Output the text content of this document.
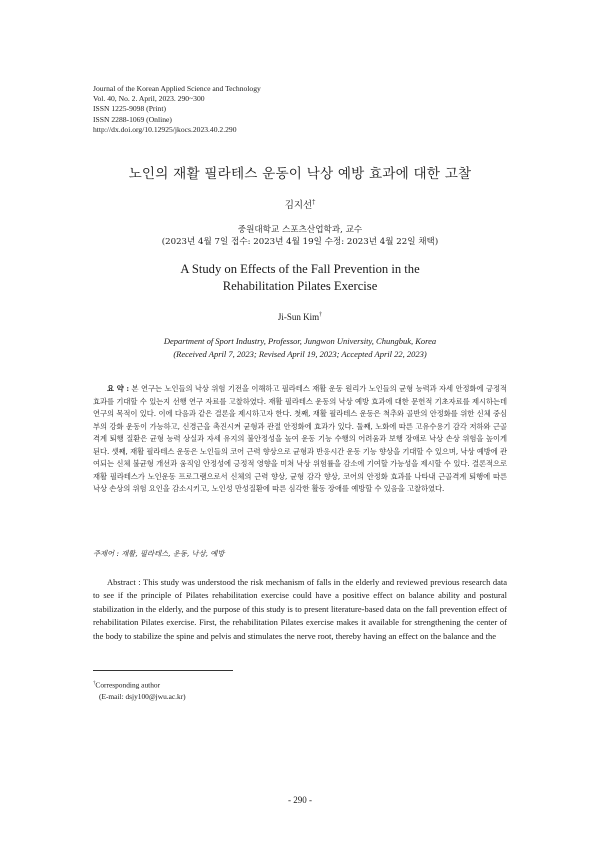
Journal of the Korean Applied Science and Technology
Vol. 40, No. 2. April, 2023. 290~300
ISSN 1225-9098 (Print)
ISSN 2288-1069 (Online)
http://dx.doi.org/10.12925/jkocs.2023.40.2.290
노인의 재활 필라테스 운동이 낙상 예방 효과에 대한 고찰
김지선†
중원대학교 스포츠산업학과, 교수
(2023년 4월 7일 접수: 2023년 4월 19일 수정: 2023년 4월 22일 채택)
A Study on Effects of the Fall Prevention in the
Rehabilitation Pilates Exercise
Ji-Sun Kim†
Department of Sport Industry, Professor, Jungwon University, Chungbuk, Korea
(Received April 7, 2023; Revised April 19, 2023; Accepted April 22, 2023)
요 약 : 본 연구는 노인들의 낙상 위험 기전을 이해하고 필라테스 재활 운동 원리가 노인들의 균형 능력과 자세 안정화에 긍정적 효과를 기대할 수 있는지 선행 연구 자료를 고찰하였다. 재활 필라테스 운동의 낙상 예방 효과에 대한 문헌적 기초자료를 제시하는데 연구의 목적이 있다. 이에 다음과 같은 결론을 제시하고자 한다. 첫째, 재활 필라테스 운동은 척추와 골반의 안정화를 위한 신체 중심부의 강화 운동이 가능하고, 신경근을 촉진시켜 균형과 관절 안정화에 효과가 있다. 둘째, 노화에 따른 고유수용기 감각 저하와 근골격계 퇴행 질환은 균형 능력 상실과 자세 유지의 불안정성을 높여 운동 기능 수행의 어려움과 보행 장애로 낙상 손상 위험을 높이게 된다. 셋째, 재활 필라테스 운동은 노인들의 코어 근력 향상으로 균형과 반응시간 운동 기능 향상을 기대할 수 있으며, 낙상 예방에 관여되는 신체 불균형 개선과 움직임 안정성에 긍정적 영향을 미쳐 낙상 위험률을 감소에 기여할 가능성을 제시할 수 있다. 결론적으로 재활 필라테스가 노인운동 프로그램으로서 신체의 근력 향상, 균형 감각 향상, 코어의 안정화 효과를 나타내 근골격계 퇴행에 따른 낙상 손상의 위험 요인을 감소시키고, 노인성 만성질환에 따른 심각한 활동 장애를 예방할 수 있음을 고찰하였다.
주제어 : 재활, 필라테스, 운동, 낙상, 예방
Abstract : This study was understood the risk mechanism of falls in the elderly and reviewed previous research data to see if the principle of Pilates rehabilitation exercise could have a positive effect on balance ability and postural stabilization in the elderly, and the purpose of this study is to present literature-based data on the fall prevention effect of rehabilitation Pilates exercise. First, the rehabilitation Pilates exercise makes it available for strengthening the center of the body to stabilize the spine and pelvis and stimulates the nerve root, thereby having an effect on the balance and the
†Corresponding author
(E-mail: dsjy100@jwu.ac.kr)
- 290 -
